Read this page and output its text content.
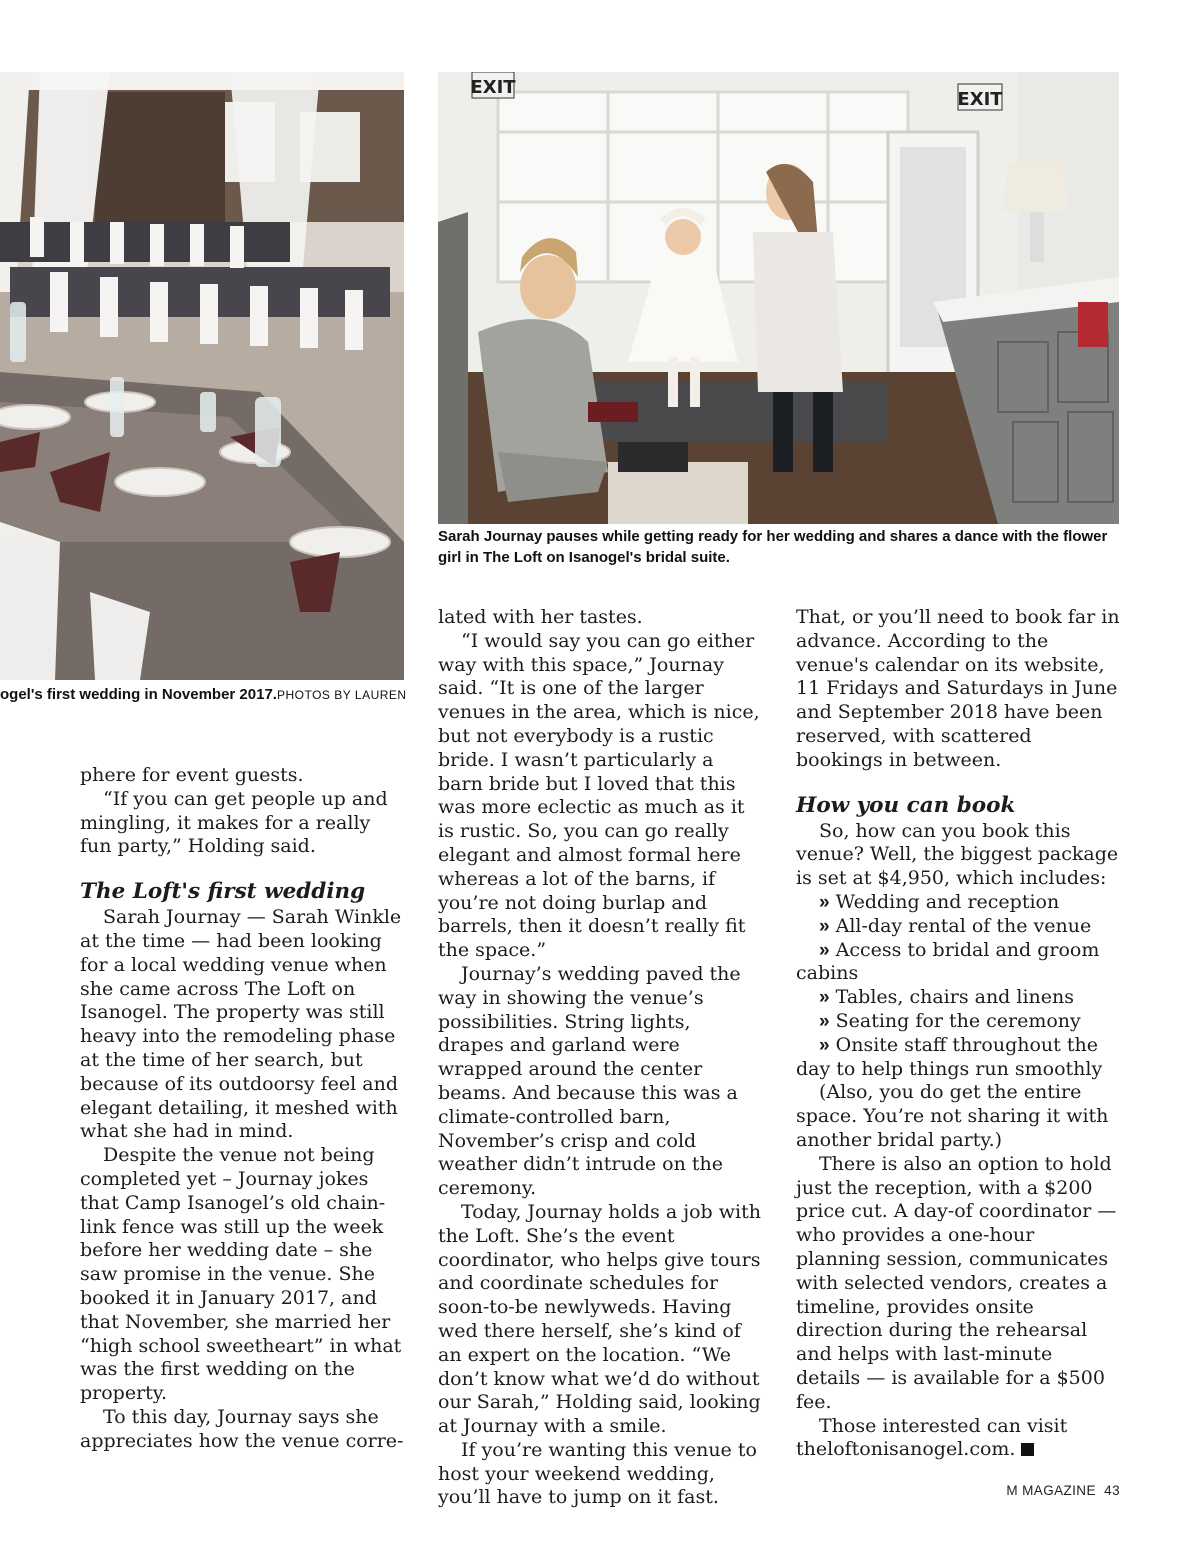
EXIT
EXIT
ogel's first wedding in November 2017.PHOTOS BY LAUREN
Sarah Journay pauses while getting ready for her wedding and shares a dance with the flower girl in The Loft on Isanogel's bridal suite.

phere for event guests.

“If you can get people up and mingling, it makes for a really fun party,” Holding said.

The Loft's first wedding

Sarah Journay — Sarah Winkle at the time — had been looking for a local wedding venue when she came across The Loft on Isanogel. The property was still heavy into the remodeling phase at the time of her search, but because of its outdoorsy feel and elegant detailing, it meshed with what she had in mind.

Despite the venue not being completed yet – Journay jokes that Camp Isanogel’s old chain-link fence was still up the week before her wedding date – she saw promise in the venue. She booked it in January 2017, and that November, she married her “high school sweetheart” in what was the first wedding on the property.

To this day, Journay says she appreciates how the venue corre-

lated with her tastes.

“I would say you can go either way with this space,” Journay said. “It is one of the larger venues in the area, which is nice, but not everybody is a rustic bride. I wasn’t particularly a barn bride but I loved that this was more eclectic as much as it is rustic. So, you can go really elegant and almost formal here whereas a lot of the barns, if you’re not doing burlap and barrels, then it doesn’t really fit the space.”

Journay’s wedding paved the way in showing the venue’s possibilities. String lights, drapes and garland were wrapped around the center beams. And because this was a climate-controlled barn, November’s crisp and cold weather didn’t intrude on the ceremony.

Today, Journay holds a job with the Loft. She’s the event coordinator, who helps give tours and coordinate schedules for soon-to-be newlyweds. Having wed there herself, she’s kind of an expert on the location. “We don’t know what we’d do without our Sarah,” Holding said, looking at Journay with a smile.

If you’re wanting this venue to host your weekend wedding, you’ll have to jump on it fast.

That, or you’ll need to book far in advance. According to the venue's calendar on its website, 11 Fridays and Saturdays in June and September 2018 have been reserved, with scattered bookings in between.

How you can book

So, how can you book this venue? Well, the biggest package is set at $4,950, which includes:

» Wedding and reception
» All-day rental of the venue
» Access to bridal and groom cabins
» Tables, chairs and linens
» Seating for the ceremony
» Onsite staff throughout the day to help things run smoothly

(Also, you do get the entire space. You’re not sharing it with another bridal party.)

There is also an option to hold just the reception, with a $200 price cut. A day-of coordinator — who provides a one-hour planning session, communicates with selected vendors, creates a timeline, provides onsite direction during the rehearsal and helps with last-minute details — is available for a $500 fee.

Those interested can visit theloftonisanogel.com.

M MAGAZINE 43
